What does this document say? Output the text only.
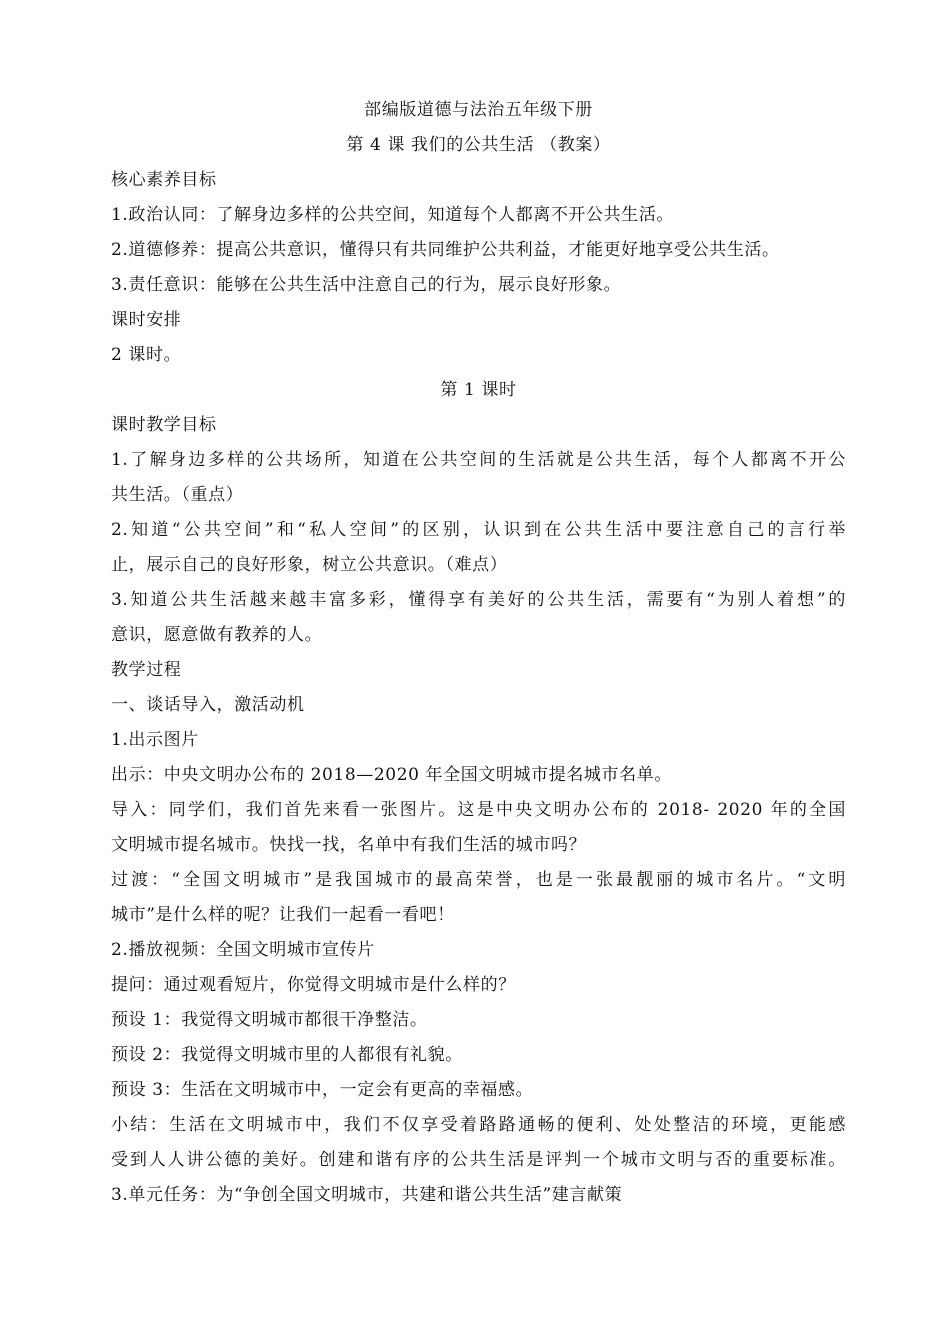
部编版道德与法治五年级下册
第 4 课 我们的公共生活 （教案）
核心素养目标
1.政治认同：了解身边多样的公共空间，知道每个人都离不开公共生活。
2.道德修养：提高公共意识，懂得只有共同维护公共利益，才能更好地享受公共生活。
3.责任意识：能够在公共生活中注意自己的行为，展示良好形象。
课时安排
2 课时。
第 1 课时
课时教学目标
1.了解身边多样的公共场所，知道在公共空间的生活就是公共生活，每个人都离不开公
共生活。（重点）
2.知道“公共空间”和“私人空间”的区别，认识到在公共生活中要注意自己的言行举
止，展示自己的良好形象，树立公共意识。（难点）
3.知道公共生活越来越丰富多彩，懂得享有美好的公共生活，需要有“为别人着想”的
意识，愿意做有教养的人。
教学过程
一、谈话导入，激活动机
1.出示图片
出示：中央文明办公布的 2018—2020 年全国文明城市提名城市名单。
导入：同学们，我们首先来看一张图片。这是中央文明办公布的 2018- 2020 年的全国
文明城市提名城市。快找一找，名单中有我们生活的城市吗？
过渡：“全国文明城市”是我国城市的最高荣誉，也是一张最靓丽的城市名片。“文明
城市”是什么样的呢？让我们一起看一看吧！
2.播放视频：全国文明城市宣传片
提问：通过观看短片，你觉得文明城市是什么样的？
预设 1：我觉得文明城市都很干净整洁。
预设 2：我觉得文明城市里的人都很有礼貌。
预设 3：生活在文明城市中，一定会有更高的幸福感。
小结：生活在文明城市中，我们不仅享受着路路通畅的便利、处处整洁的环境，更能感
受到人人讲公德的美好。创建和谐有序的公共生活是评判一个城市文明与否的重要标准。
3.单元任务：为“争创全国文明城市，共建和谐公共生活”建言献策
